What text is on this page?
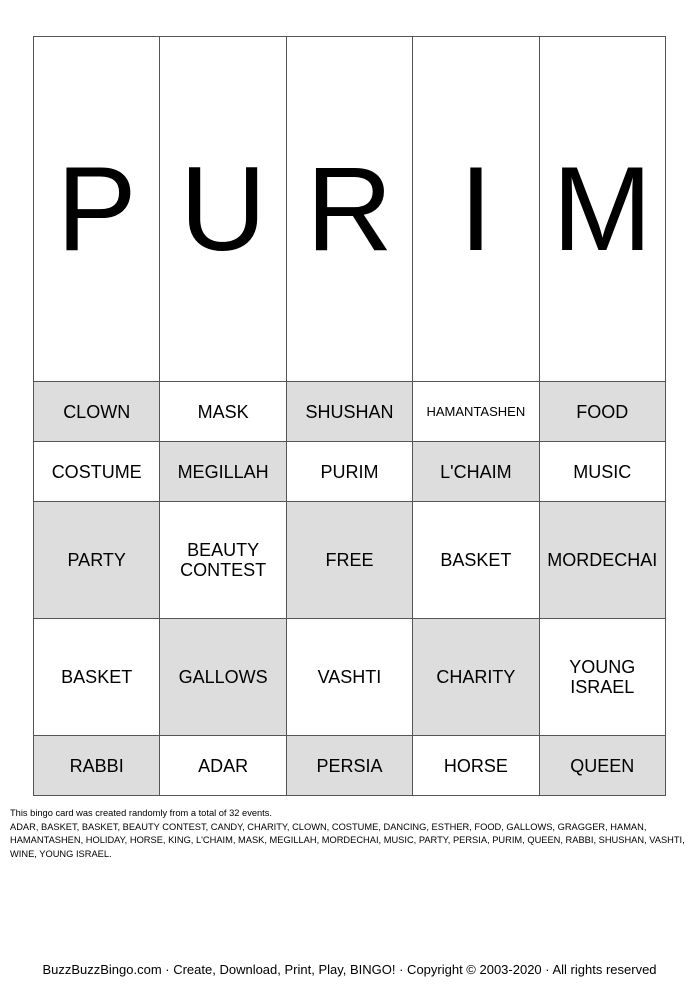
P	U	R	I	M
CLOWN	MASK	SHUSHAN	HAMANTASHEN	FOOD
COSTUME	MEGILLAH	PURIM	L'CHAIM	MUSIC
PARTY	BEAUTY CONTEST	FREE	BASKET	MORDECHAI
BASKET	GALLOWS	VASHTI	CHARITY	YOUNG ISRAEL
RABBI	ADAR	PERSIA	HORSE	QUEEN
This bingo card was created randomly from a total of 32 events.
ADAR, BASKET, BASKET, BEAUTY CONTEST, CANDY, CHARITY, CLOWN, COSTUME, DANCING, ESTHER, FOOD, GALLOWS, GRAGGER, HAMAN, HAMANTASHEN, HOLIDAY, HORSE, KING, L'CHAIM, MASK, MEGILLAH, MORDECHAI, MUSIC, PARTY, PERSIA, PURIM, QUEEN, RABBI, SHUSHAN, VASHTI, WINE, YOUNG ISRAEL.
BuzzBuzzBingo.com · Create, Download, Print, Play, BINGO! · Copyright © 2003-2020 · All rights reserved
